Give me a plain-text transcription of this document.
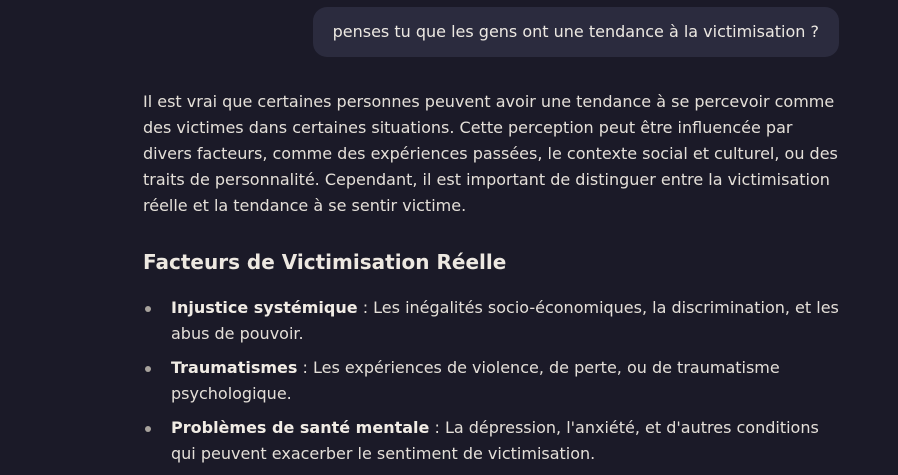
penses tu que les gens ont une tendance à la victimisation ?

Il est vrai que certaines personnes peuvent avoir une tendance à se percevoir comme des victimes dans certaines situations. Cette perception peut être influencée par divers facteurs, comme des expériences passées, le contexte social et culturel, ou des traits de personnalité. Cependant, il est important de distinguer entre la victimisation réelle et la tendance à se sentir victime.

Facteurs de Victimisation Réelle
Injustice systémique : Les inégalités socio-économiques, la discrimination, et les abus de pouvoir.
Traumatismes : Les expériences de violence, de perte, ou de traumatisme psychologique.
Problèmes de santé mentale : La dépression, l'anxiété, et d'autres conditions qui peuvent exacerber le sentiment de victimisation.
